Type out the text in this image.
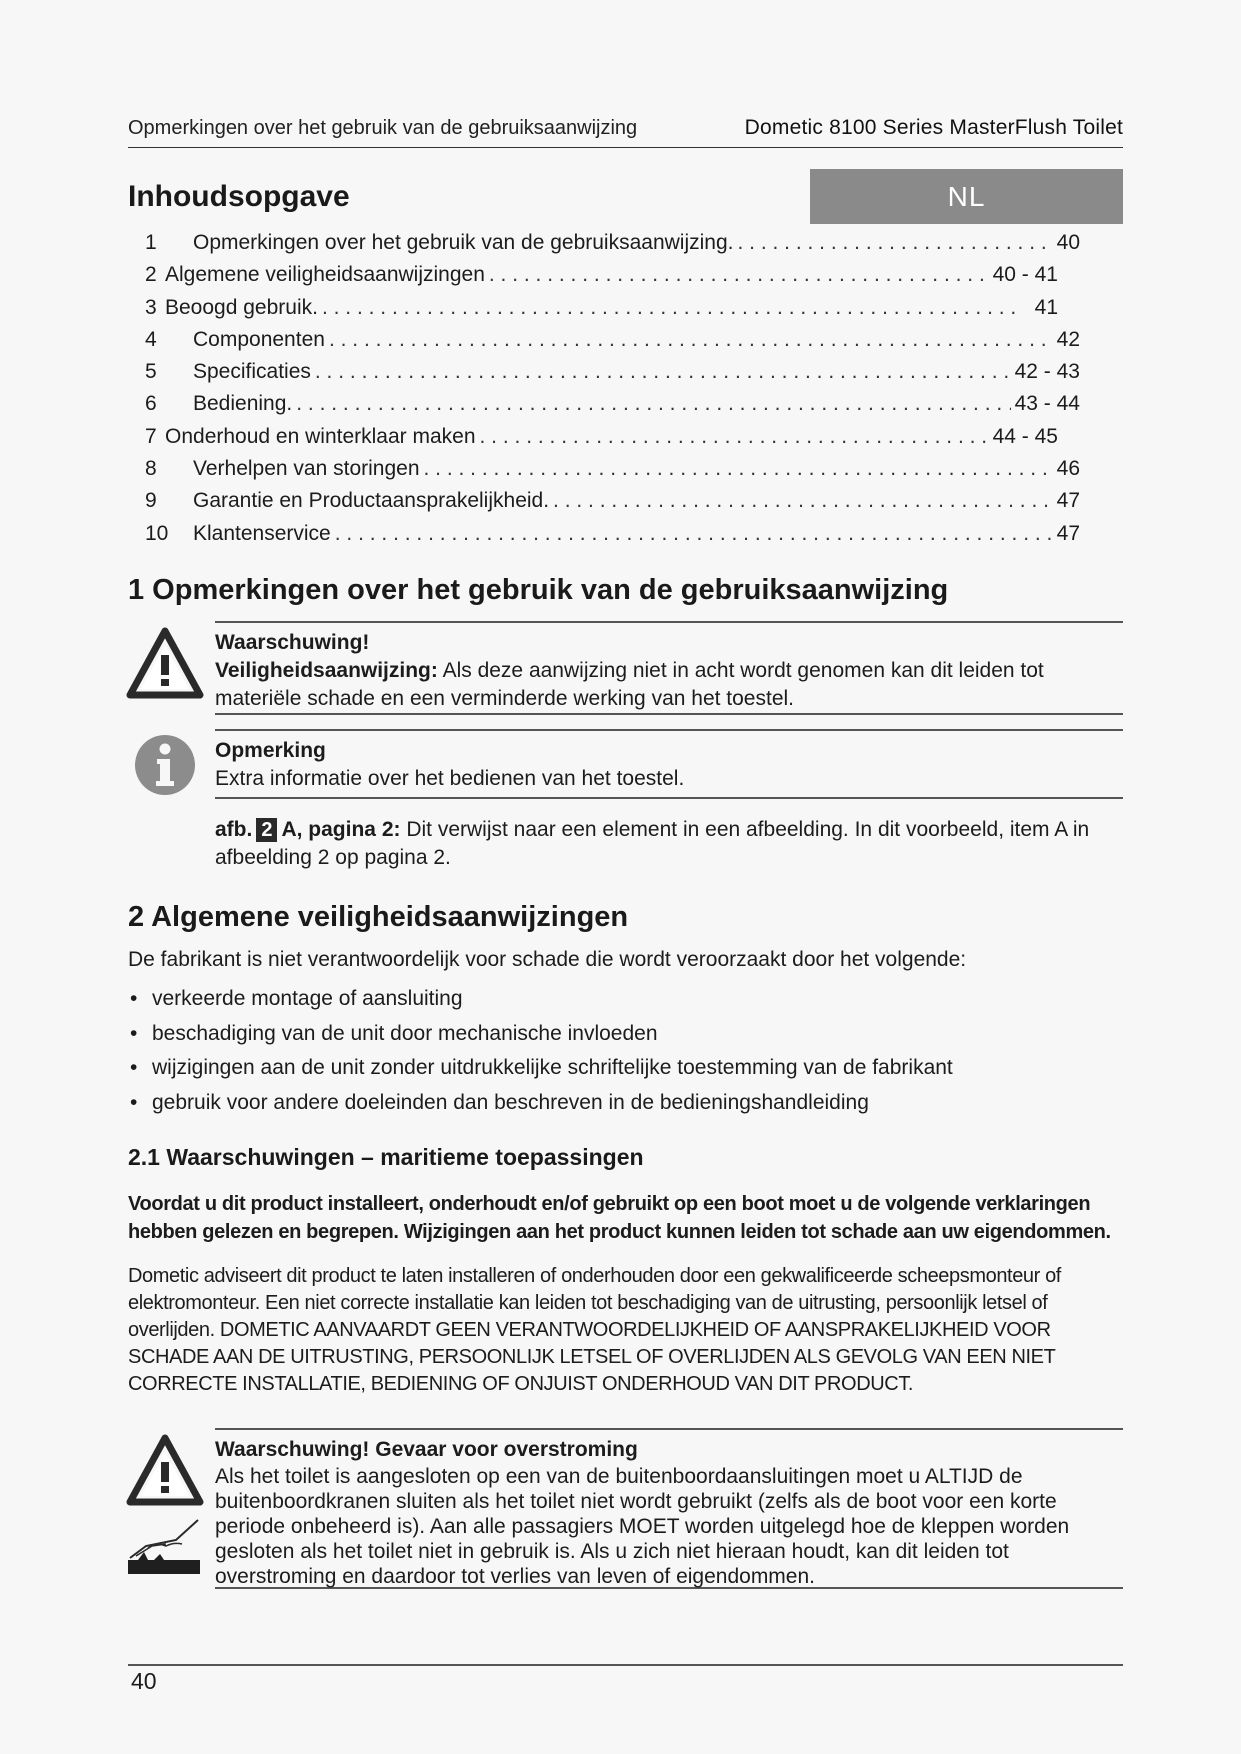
Opmerkingen over het gebruik van de gebruiksaanwijzing	Dometic 8100 Series MasterFlush Toilet
Inhoudsopgave	NL
1	Opmerkingen over het gebruik van de gebruiksaanwijzing. . . .	40
2 Algemene veiligheidsaanwijzingen . . .	40 - 41
3 Beoogd gebruik. . . .	41
4	Componenten . . .	42
5	Specificaties . . .	42 - 43
6	Bediening. . . .	43 - 44
7 Onderhoud en winterklaar maken . . .	44 - 45
8	Verhelpen van storingen . . .	46
9	Garantie en Productaansprakelijkheid. . . .	47
10	Klantenservice . . .	47
1 Opmerkingen over het gebruik van de gebruiksaanwijzing
Waarschuwing!
Veiligheidsaanwijzing: Als deze aanwijzing niet in acht wordt genomen kan dit leiden tot materiële schade en een verminderde werking van het toestel.
Opmerking
Extra informatie over het bedienen van het toestel.
afb. 2 A, pagina 2: Dit verwijst naar een element in een afbeelding. In dit voorbeeld, item A in afbeelding 2 op pagina 2.
2 Algemene veiligheidsaanwijzingen
De fabrikant is niet verantwoordelijk voor schade die wordt veroorzaakt door het volgende:
• verkeerde montage of aansluiting
• beschadiging van de unit door mechanische invloeden
• wijzigingen aan de unit zonder uitdrukkelijke schriftelijke toestemming van de fabrikant
• gebruik voor andere doeleinden dan beschreven in de bedieningshandleiding
2.1 Waarschuwingen – maritieme toepassingen
Voordat u dit product installeert, onderhoudt en/of gebruikt op een boot moet u de volgende verklaringen hebben gelezen en begrepen. Wijzigingen aan het product kunnen leiden tot schade aan uw eigendommen.
Dometic adviseert dit product te laten installeren of onderhouden door een gekwalificeerde scheepsmonteur of elektromonteur. Een niet correcte installatie kan leiden tot beschadiging van de uitrusting, persoonlijk letsel of overlijden. DOMETIC AANVAARDT GEEN VERANTWOORDELIJKHEID OF AANSPRAKELIJKHEID VOOR SCHADE AAN DE UITRUSTING, PERSOONLIJK LETSEL OF OVERLIJDEN ALS GEVOLG VAN EEN NIET CORRECTE INSTALLATIE, BEDIENING OF ONJUIST ONDERHOUD VAN DIT PRODUCT.
Waarschuwing! Gevaar voor overstroming
Als het toilet is aangesloten op een van de buitenboordaansluitingen moet u ALTIJD de buitenboordkranen sluiten als het toilet niet wordt gebruikt (zelfs als de boot voor een korte periode onbeheerd is). Aan alle passagiers MOET worden uitgelegd hoe de kleppen worden gesloten als het toilet niet in gebruik is. Als u zich niet hieraan houdt, kan dit leiden tot overstroming en daardoor tot verlies van leven of eigendommen.
40
